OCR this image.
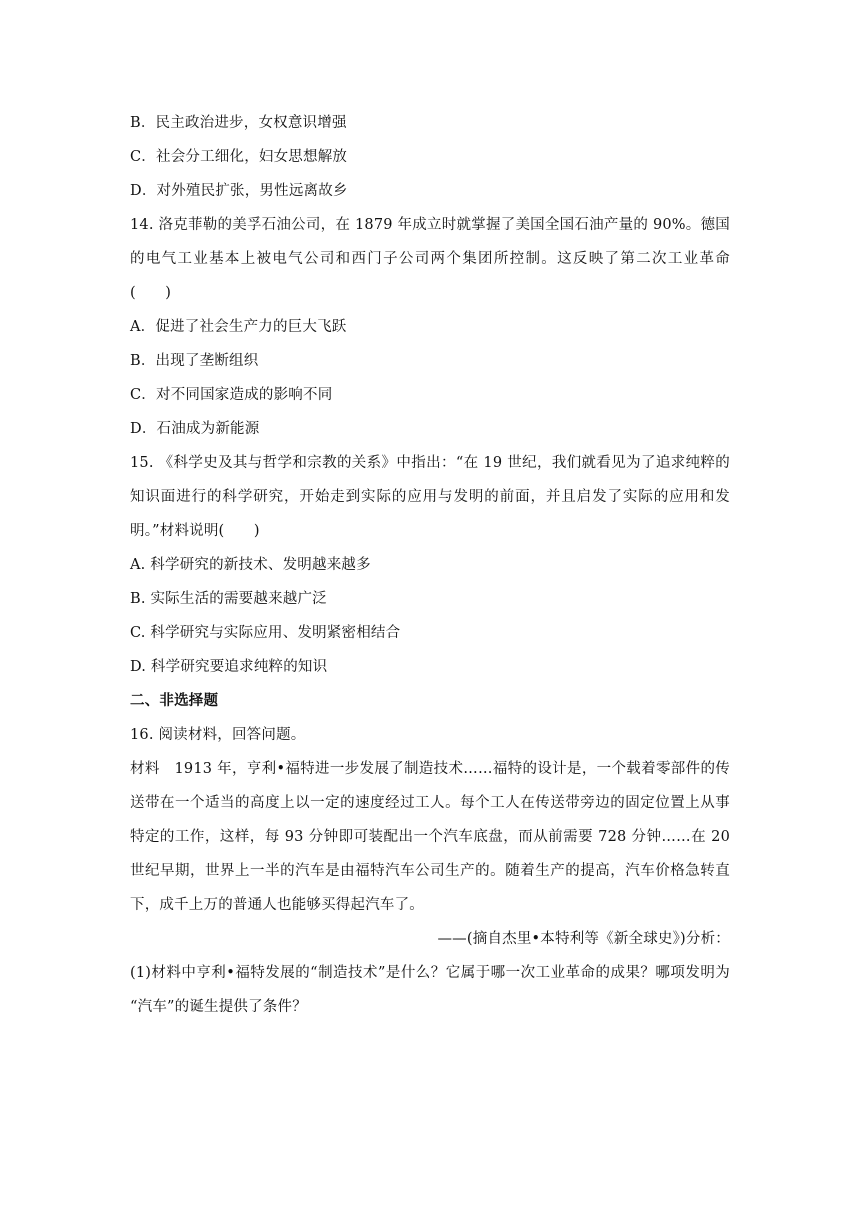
B．民主政治进步，女权意识增强
C．社会分工细化，妇女思想解放
D．对外殖民扩张，男性远离故乡
14. 洛克菲勒的美孚石油公司，在 1879 年成立时就掌握了美国全国石油产量的 90%。德国
的电气工业基本上被电气公司和西门子公司两个集团所控制。这反映了第二次工业革命
(　　)
A．促进了社会生产力的巨大飞跃
B．出现了垄断组织
C．对不同国家造成的影响不同
D．石油成为新能源
15. 《科学史及其与哲学和宗教的关系》中指出：“在 19 世纪，我们就看见为了追求纯粹的
知识面进行的科学研究，开始走到实际的应用与发明的前面，并且启发了实际的应用和发
明。”材料说明(　　)
A. 科学研究的新技术、发明越来越多
B. 实际生活的需要越来越广泛
C. 科学研究与实际应用、发明紧密相结合
D. 科学研究要追求纯粹的知识
二、非选择题
16. 阅读材料，回答问题。
材料　1913 年，亨利•福特进一步发展了制造技术……福特的设计是，一个载着零部件的传
送带在一个适当的高度上以一定的速度经过工人。每个工人在传送带旁边的固定位置上从事
特定的工作，这样，每 93 分钟即可装配出一个汽车底盘，而从前需要 728 分钟……在 20
世纪早期，世界上一半的汽车是由福特汽车公司生产的。随着生产的提高，汽车价格急转直
下，成千上万的普通人也能够买得起汽车了。
——(摘自杰里•本特利等《新全球史》)分析：
(1)材料中亨利•福特发展的“制造技术”是什么？它属于哪一次工业革命的成果？哪项发明为
“汽车”的诞生提供了条件？
